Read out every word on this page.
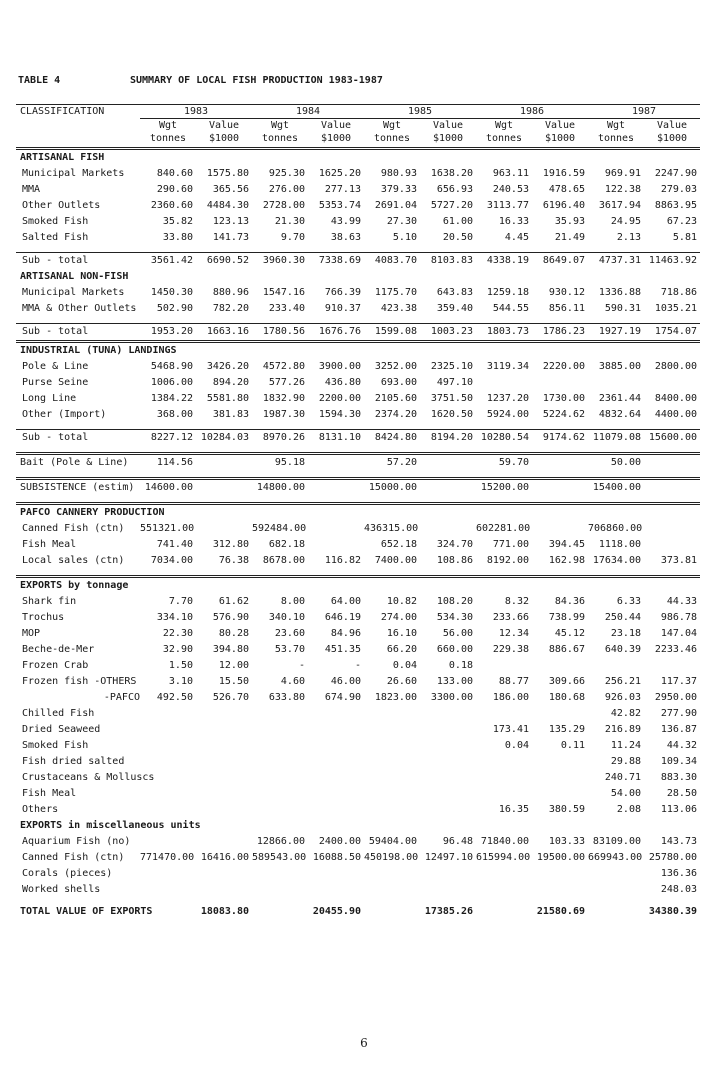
TABLE 4	SUMMARY OF LOCAL FISH PRODUCTION 1983-1987
CLASSIFICATION	1983		1984		1985		1986		1987	
	Wgt	Value	Wgt	Value	Wgt	Value	Wgt	Value	Wgt	Value
	tonnes	$1000	tonnes	$1000	tonnes	$1000	tonnes	$1000	tonnes	$1000
ARTISANAL FISH										
Municipal Markets	840.60	1575.80	925.30	1625.20	980.93	1638.20	963.11	1916.59	969.91	2247.90
MMA	290.60	365.56	276.00	277.13	379.33	656.93	240.53	478.65	122.38	279.03
Other Outlets	2360.60	4484.30	2728.00	5353.74	2691.04	5727.20	3113.77	6196.40	3617.94	8863.95
Smoked Fish	35.82	123.13	21.30	43.99	27.30	61.00	16.33	35.93	24.95	67.23
Salted Fish	33.80	141.73	9.70	38.63	5.10	20.50	4.45	21.49	2.13	5.81

Sub - total	3561.42	6690.52	3960.30	7338.69	4083.70	8103.83	4338.19	8649.07	4737.31	11463.92
ARTISANAL NON-FISH										
Municipal Markets	1450.30	880.96	1547.16	766.39	1175.70	643.83	1259.18	930.12	1336.88	718.86
MMA & Other Outlets	502.90	782.20	233.40	910.37	423.38	359.40	544.55	856.11	590.31	1035.21

Sub - total	1953.20	1663.16	1780.56	1676.76	1599.08	1003.23	1803.73	1786.23	1927.19	1754.07
INDUSTRIAL (TUNA) LANDINGS										
Pole & Line	5468.90	3426.20	4572.80	3900.00	3252.00	2325.10	3119.34	2220.00	3885.00	2800.00
Purse Seine	1006.00	894.20	577.26	436.80	693.00	497.10				
Long Line	1384.22	5581.80	1832.90	2200.00	2105.60	3751.50	1237.20	1730.00	2361.44	8400.00
Other (Import)	368.00	381.83	1987.30	1594.30	2374.20	1620.50	5924.00	5224.62	4832.64	4400.00

Sub - total	8227.12	10284.03	8970.26	8131.10	8424.80	8194.20	10280.54	9174.62	11079.08	15600.00

Bait (Pole & Line)	114.56		95.18		57.20		59.70		50.00	

SUBSISTENCE (estim)	14600.00		14800.00		15000.00		15200.00		15400.00	

PAFCO CANNERY PRODUCTION										
Canned Fish (ctn)	551321.00		592484.00		436315.00		602281.00		706860.00	
Fish Meal	741.40	312.80	682.18		652.18	324.70	771.00	394.45	1118.00	
Local sales (ctn)	7034.00	76.38	8678.00	116.82	7400.00	108.86	8192.00	162.98	17634.00	373.81

EXPORTS by tonnage										
Shark fin	7.70	61.62	8.00	64.00	10.82	108.20	8.32	84.36	6.33	44.33
Trochus	334.10	576.90	340.10	646.19	274.00	534.30	233.66	738.99	250.44	986.78
MOP	22.30	80.28	23.60	84.96	16.10	56.00	12.34	45.12	23.18	147.04
Beche-de-Mer	32.90	394.80	53.70	451.35	66.20	660.00	229.38	886.67	640.39	2233.46
Frozen Crab	1.50	12.00	-	-	0.04	0.18				
Frozen fish -OTHERS	3.10	15.50	4.60	46.00	26.60	133.00	88.77	309.66	256.21	117.37
-PAFCO	492.50	526.70	633.80	674.90	1823.00	3300.00	186.00	180.68	926.03	2950.00
Chilled Fish									42.82	277.90
Dried Seaweed							173.41	135.29	216.89	136.87
Smoked Fish							0.04	0.11	11.24	44.32
Fish dried salted									29.88	109.34
Crustaceans & Molluscs									240.71	883.30
Fish Meal									54.00	28.50
Others							16.35	380.59	2.08	113.06
EXPORTS in miscellaneous units										
Aquarium Fish (no)			12866.00	2400.00	59404.00	96.48	71840.00	103.33	83109.00	143.73
Canned Fish (ctn)	771470.00	16416.00	589543.00	16088.50	450198.00	12497.10	615994.00	19500.00	669943.00	25780.00
Corals (pieces)										136.36
Worked shells										248.03

TOTAL VALUE OF EXPORTS		18083.80		20455.90		17385.26		21580.69		34380.39
6
